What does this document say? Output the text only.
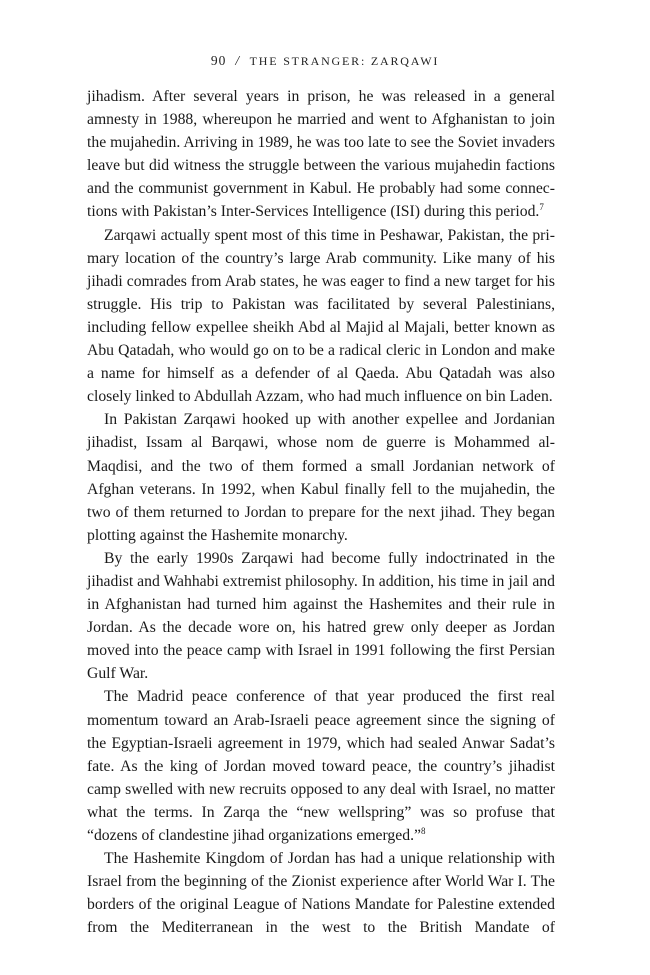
90 / THE STRANGER: ZARQAWI

jihadism. After several years in prison, he was released in a general amnesty in 1988, whereupon he married and went to Afghanistan to join the mujahedin. Arriving in 1989, he was too late to see the Soviet invaders leave but did witness the struggle between the various mujahedin factions and the communist government in Kabul. He probably had some connections with Pakistan’s Inter-Services Intelligence (ISI) during this period.$^7$

Zarqawi actually spent most of this time in Peshawar, Pakistan, the primary location of the country’s large Arab community. Like many of his jihadi comrades from Arab states, he was eager to find a new target for his struggle. His trip to Pakistan was facilitated by several Palestinians, including fellow expellee sheikh Abd al Majid al Majali, better known as Abu Qatadah, who would go on to be a radical cleric in London and make a name for himself as a defender of al Qaeda. Abu Qatadah was also closely linked to Abdullah Azzam, who had much influence on bin Laden.

In Pakistan Zarqawi hooked up with another expellee and Jordanian jihadist, Issam al Barqawi, whose nom de guerre is Mohammed al-Maqdisi, and the two of them formed a small Jordanian network of Afghan veterans. In 1992, when Kabul finally fell to the mujahedin, the two of them returned to Jordan to prepare for the next jihad. They began plotting against the Hashemite monarchy.

By the early 1990s Zarqawi had become fully indoctrinated in the jihadist and Wahhabi extremist philosophy. In addition, his time in jail and in Afghanistan had turned him against the Hashemites and their rule in Jordan. As the decade wore on, his hatred grew only deeper as Jordan moved into the peace camp with Israel in 1991 following the first Persian Gulf War.

The Madrid peace conference of that year produced the first real momentum toward an Arab-Israeli peace agreement since the signing of the Egyptian-Israeli agreement in 1979, which had sealed Anwar Sadat’s fate. As the king of Jordan moved toward peace, the country’s jihadist camp swelled with new recruits opposed to any deal with Israel, no matter what the terms. In Zarqa the “new wellspring” was so profuse that “dozens of clandestine jihad organizations emerged.”$^8$

The Hashemite Kingdom of Jordan has had a unique relationship with Israel from the beginning of the Zionist experience after World War I. The borders of the original League of Nations Mandate for Palestine extended from the Mediterranean in the west to the British Mandate of
